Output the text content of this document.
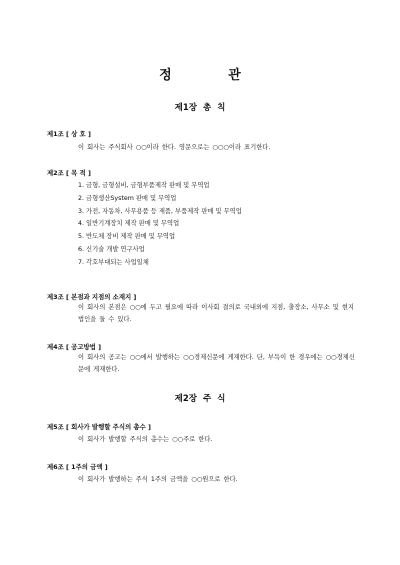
정 관
제1장 총 칙
제1조 [ 상 호 ]
이 회사는 주식회사 ○○이라 한다. 영문으로는 ○○○이라 표기한다.
제2조 [ 목 적 ]
1. 금형, 금형설비, 금형부품제작 판매 및 무역업
2. 금형생산System 판매 및 무역업
3. 가전, 자동차, 사무용품 등 제품, 부품제작 판매 및 무역업
4. 일반기계장치 제작 판매 및 무역업
5. 반도체 장비 제작 판매 및 무역업
6. 신기술 개발 연구사업
7. 각호부대되는 사업일체
제3조 [ 본점과 지점의 소재지 ]
이 회사의 본점은 ○○에 두고 필요에 따라 이사회 결의로 국내외에 지점, 출장소, 사무소 및 현지법인을 둘 수 있다.
제4조 [ 공고방법 ]
이 회사의 공고는 ○○에서 발행하는 ○○경제신문에 게재한다. 단, 부득이 한 경우에는 ○○경제신문에 게재한다.
제2장 주 식
제5조 [ 회사가 발행할 주식의 총수 ]
이 회사가 발행할 주식의 총수는 ○○주로 한다.
제6조 [ 1주의 금액 ]
이 회사가 발행하는 주식 1주의 금액을 ○○원으로 한다.
